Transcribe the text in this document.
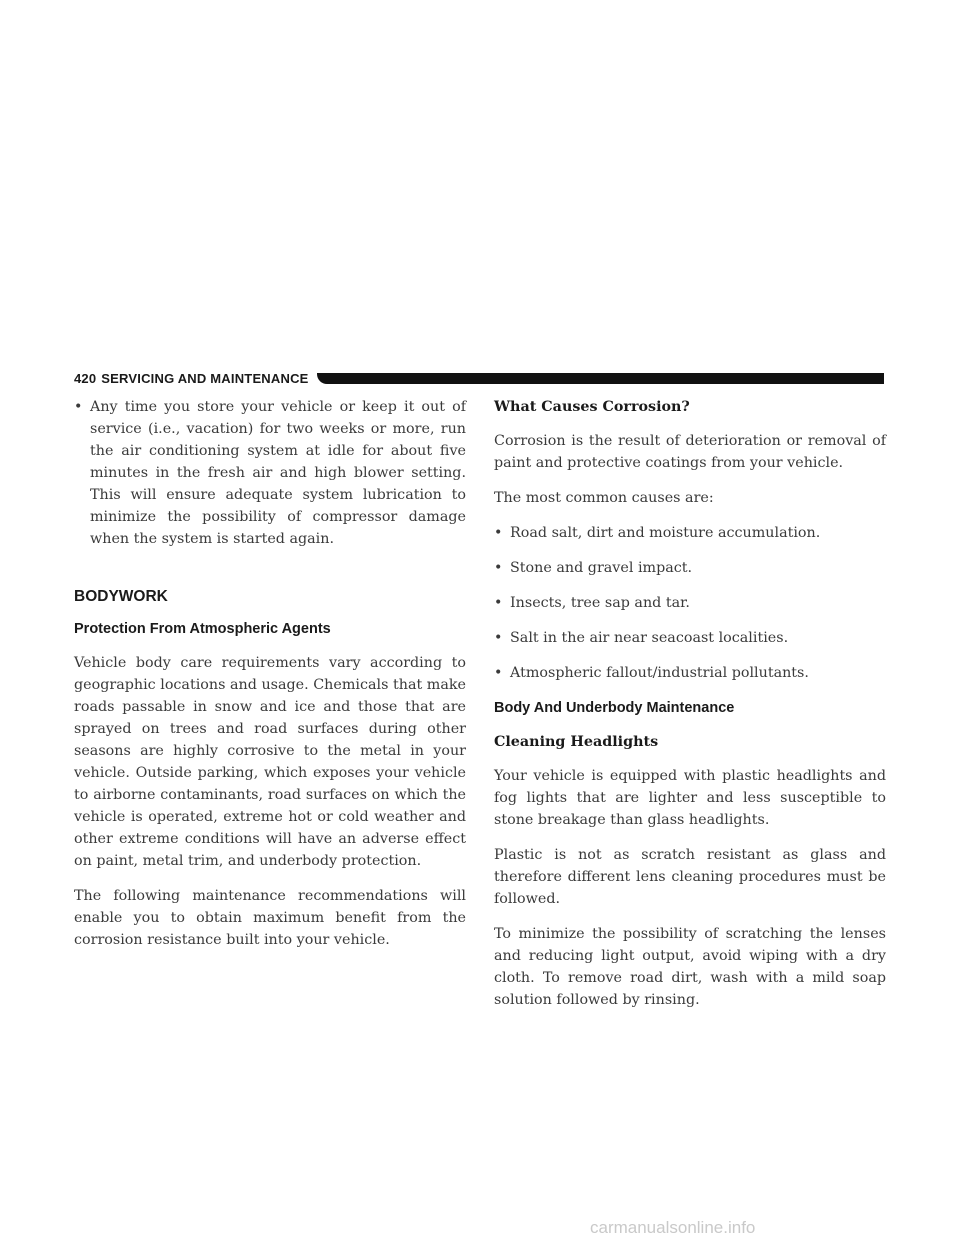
420 SERVICING AND MAINTENANCE
• Any time you store your vehicle or keep it out of service (i.e., vacation) for two weeks or more, run the air conditioning system at idle for about five minutes in the fresh air and high blower setting. This will ensure adequate system lubrication to minimize the possibility of compressor damage when the system is started again.
BODYWORK
Protection From Atmospheric Agents

Vehicle body care requirements vary according to geographic locations and usage. Chemicals that make roads passable in snow and ice and those that are sprayed on trees and road surfaces during other seasons are highly corrosive to the metal in your vehicle. Outside parking, which exposes your vehicle to airborne contaminants, road surfaces on which the vehicle is operated, extreme hot or cold weather and other extreme conditions will have an adverse effect on paint, metal trim, and underbody protection.

The following maintenance recommendations will enable you to obtain maximum benefit from the corrosion resistance built into your vehicle.

What Causes Corrosion?

Corrosion is the result of deterioration or removal of paint and protective coatings from your vehicle.

The most common causes are:

• Road salt, dirt and moisture accumulation.
• Stone and gravel impact.
• Insects, tree sap and tar.
• Salt in the air near seacoast localities.
• Atmospheric fallout/industrial pollutants.
Body And Underbody Maintenance
Cleaning Headlights

Your vehicle is equipped with plastic headlights and fog lights that are lighter and less susceptible to stone breakage than glass headlights.

Plastic is not as scratch resistant as glass and therefore different lens cleaning procedures must be followed.

To minimize the possibility of scratching the lenses and reducing light output, avoid wiping with a dry cloth. To remove road dirt, wash with a mild soap solution followed by rinsing.

carmanualsonline.info
